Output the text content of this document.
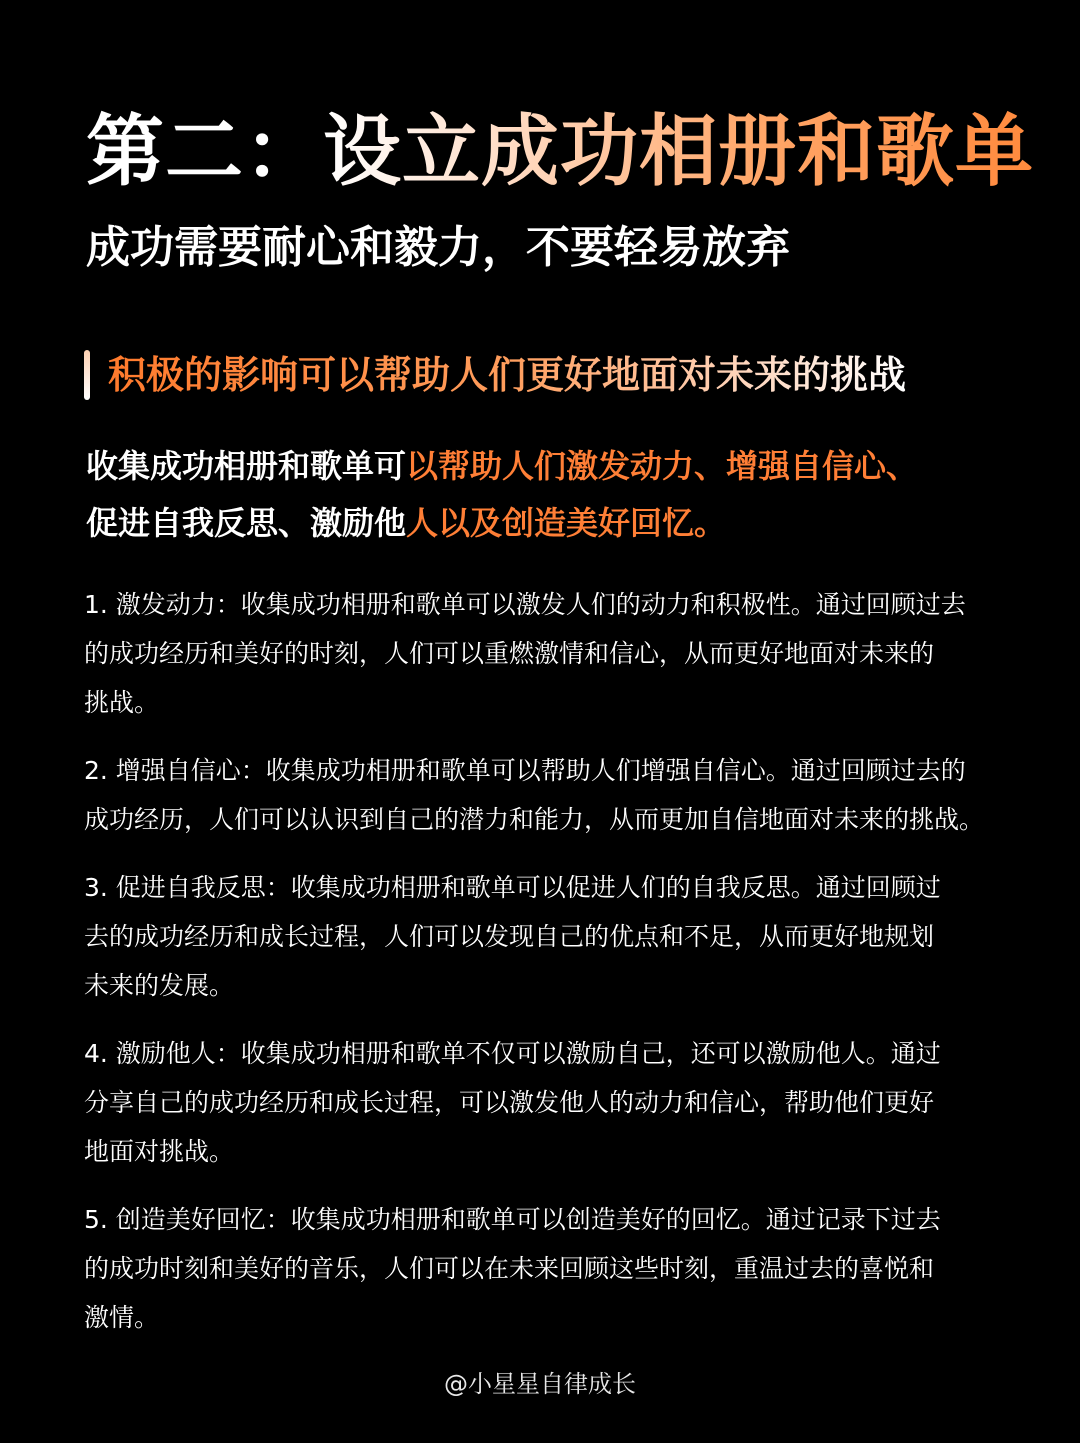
第二：设立成功相册和歌单
成功需要耐心和毅力，不要轻易放弃
积极的影响可以帮助人们更好地面对未来的挑战
收集成功相册和歌单可以帮助人们激发动力、增强自信心、
促进自我反思、激励他人以及创造美好回忆。
1. 激发动力：收集成功相册和歌单可以激发人们的动力和积极性。通过回顾过去
的成功经历和美好的时刻，人们可以重燃激情和信心，从而更好地面对未来的
挑战。
2. 增强自信心：收集成功相册和歌单可以帮助人们增强自信心。通过回顾过去的
成功经历，人们可以认识到自己的潜力和能力，从而更加自信地面对未来的挑战。
3. 促进自我反思：收集成功相册和歌单可以促进人们的自我反思。通过回顾过
去的成功经历和成长过程，人们可以发现自己的优点和不足，从而更好地规划
未来的发展。
4. 激励他人：收集成功相册和歌单不仅可以激励自己，还可以激励他人。通过
分享自己的成功经历和成长过程，可以激发他人的动力和信心，帮助他们更好
地面对挑战。
5. 创造美好回忆：收集成功相册和歌单可以创造美好的回忆。通过记录下过去
的成功时刻和美好的音乐，人们可以在未来回顾这些时刻，重温过去的喜悦和
激情。
@小星星自律成长
